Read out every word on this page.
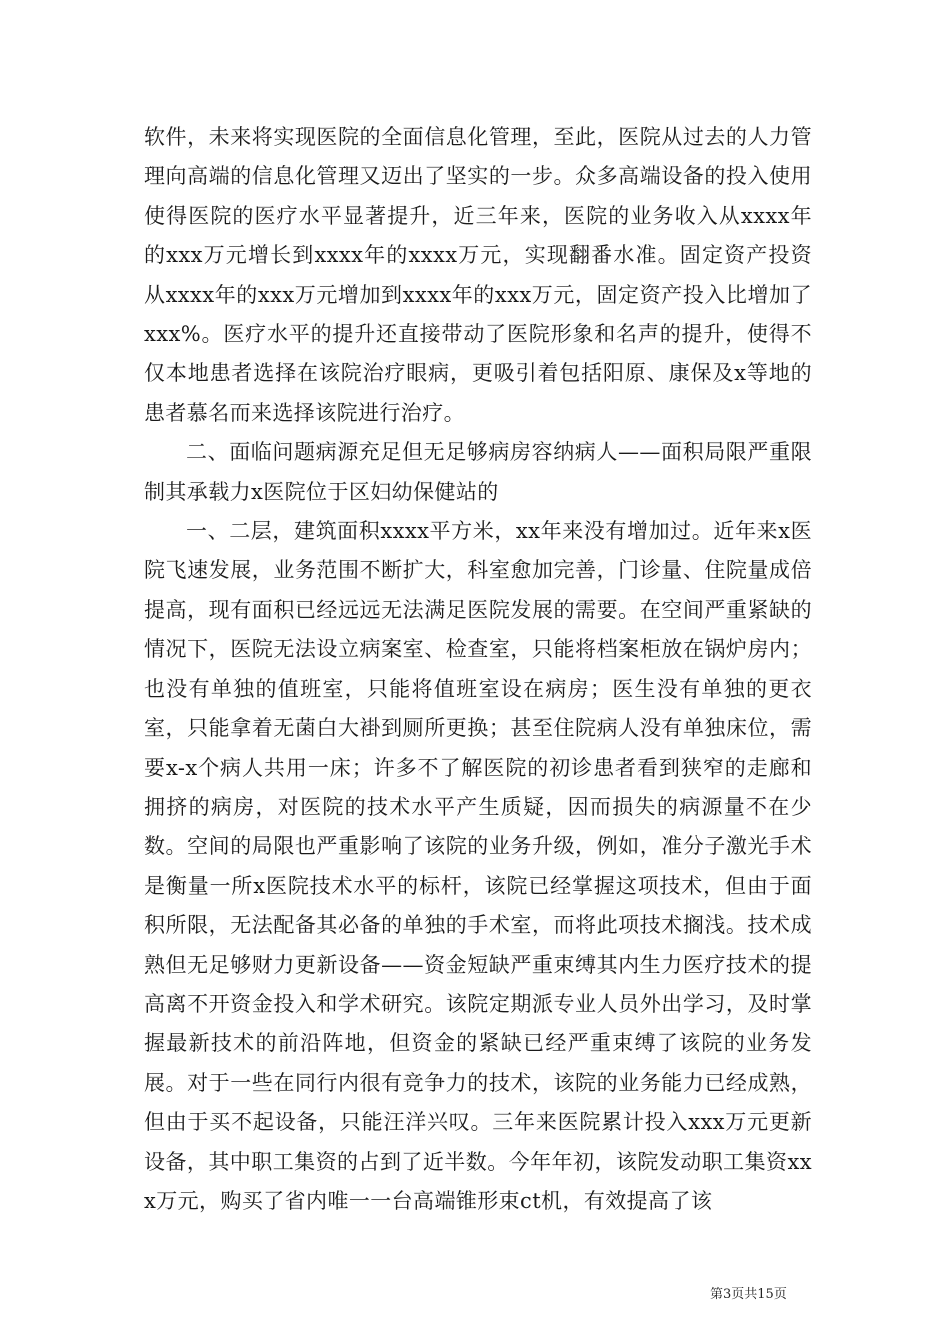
软件，未来将实现医院的全面信息化管理，至此，医院从过去的人力管理向高端的信息化管理又迈出了坚实的一步。众多高端设备的投入使用使得医院的医疗水平显著提升，近三年来，医院的业务收入从xxxx年的xxx万元增长到xxxx年的xxxx万元，实现翻番水准。固定资产投资从xxxx年的xxx万元增加到xxxx年的xxx万元，固定资产投入比增加了xxx%。医疗水平的提升还直接带动了医院形象和名声的提升，使得不仅本地患者选择在该院治疗眼病，更吸引着包括阳原、康保及x等地的患者慕名而来选择该院进行治疗。

二、面临问题病源充足但无足够病房容纳病人——面积局限严重限制其承载力x医院位于区妇幼保健站的

一、二层，建筑面积xxxx平方米，xx年来没有增加过。近年来x医院飞速发展，业务范围不断扩大，科室愈加完善，门诊量、住院量成倍提高，现有面积已经远远无法满足医院发展的需要。在空间严重紧缺的情况下，医院无法设立病案室、检查室，只能将档案柜放在锅炉房内；也没有单独的值班室，只能将值班室设在病房；医生没有单独的更衣室，只能拿着无菌白大褂到厕所更换；甚至住院病人没有单独床位，需要x-x个病人共用一床；许多不了解医院的初诊患者看到狭窄的走廊和拥挤的病房，对医院的技术水平产生质疑，因而损失的病源量不在少数。空间的局限也严重影响了该院的业务升级，例如，准分子激光手术是衡量一所x医院技术水平的标杆，该院已经掌握这项技术，但由于面积所限，无法配备其必备的单独的手术室，而将此项技术搁浅。技术成熟但无足够财力更新设备——资金短缺严重束缚其内生力医疗技术的提高离不开资金投入和学术研究。该院定期派专业人员外出学习，及时掌握最新技术的前沿阵地，但资金的紧缺已经严重束缚了该院的业务发展。对于一些在同行内很有竞争力的技术，该院的业务能力已经成熟，但由于买不起设备，只能汪洋兴叹。三年来医院累计投入xxx万元更新设备，其中职工集资的占到了近半数。今年年初，该院发动职工集资xxx万元，购买了省内唯一一台高端锥形束ct机，有效提高了该

第3页共15页
